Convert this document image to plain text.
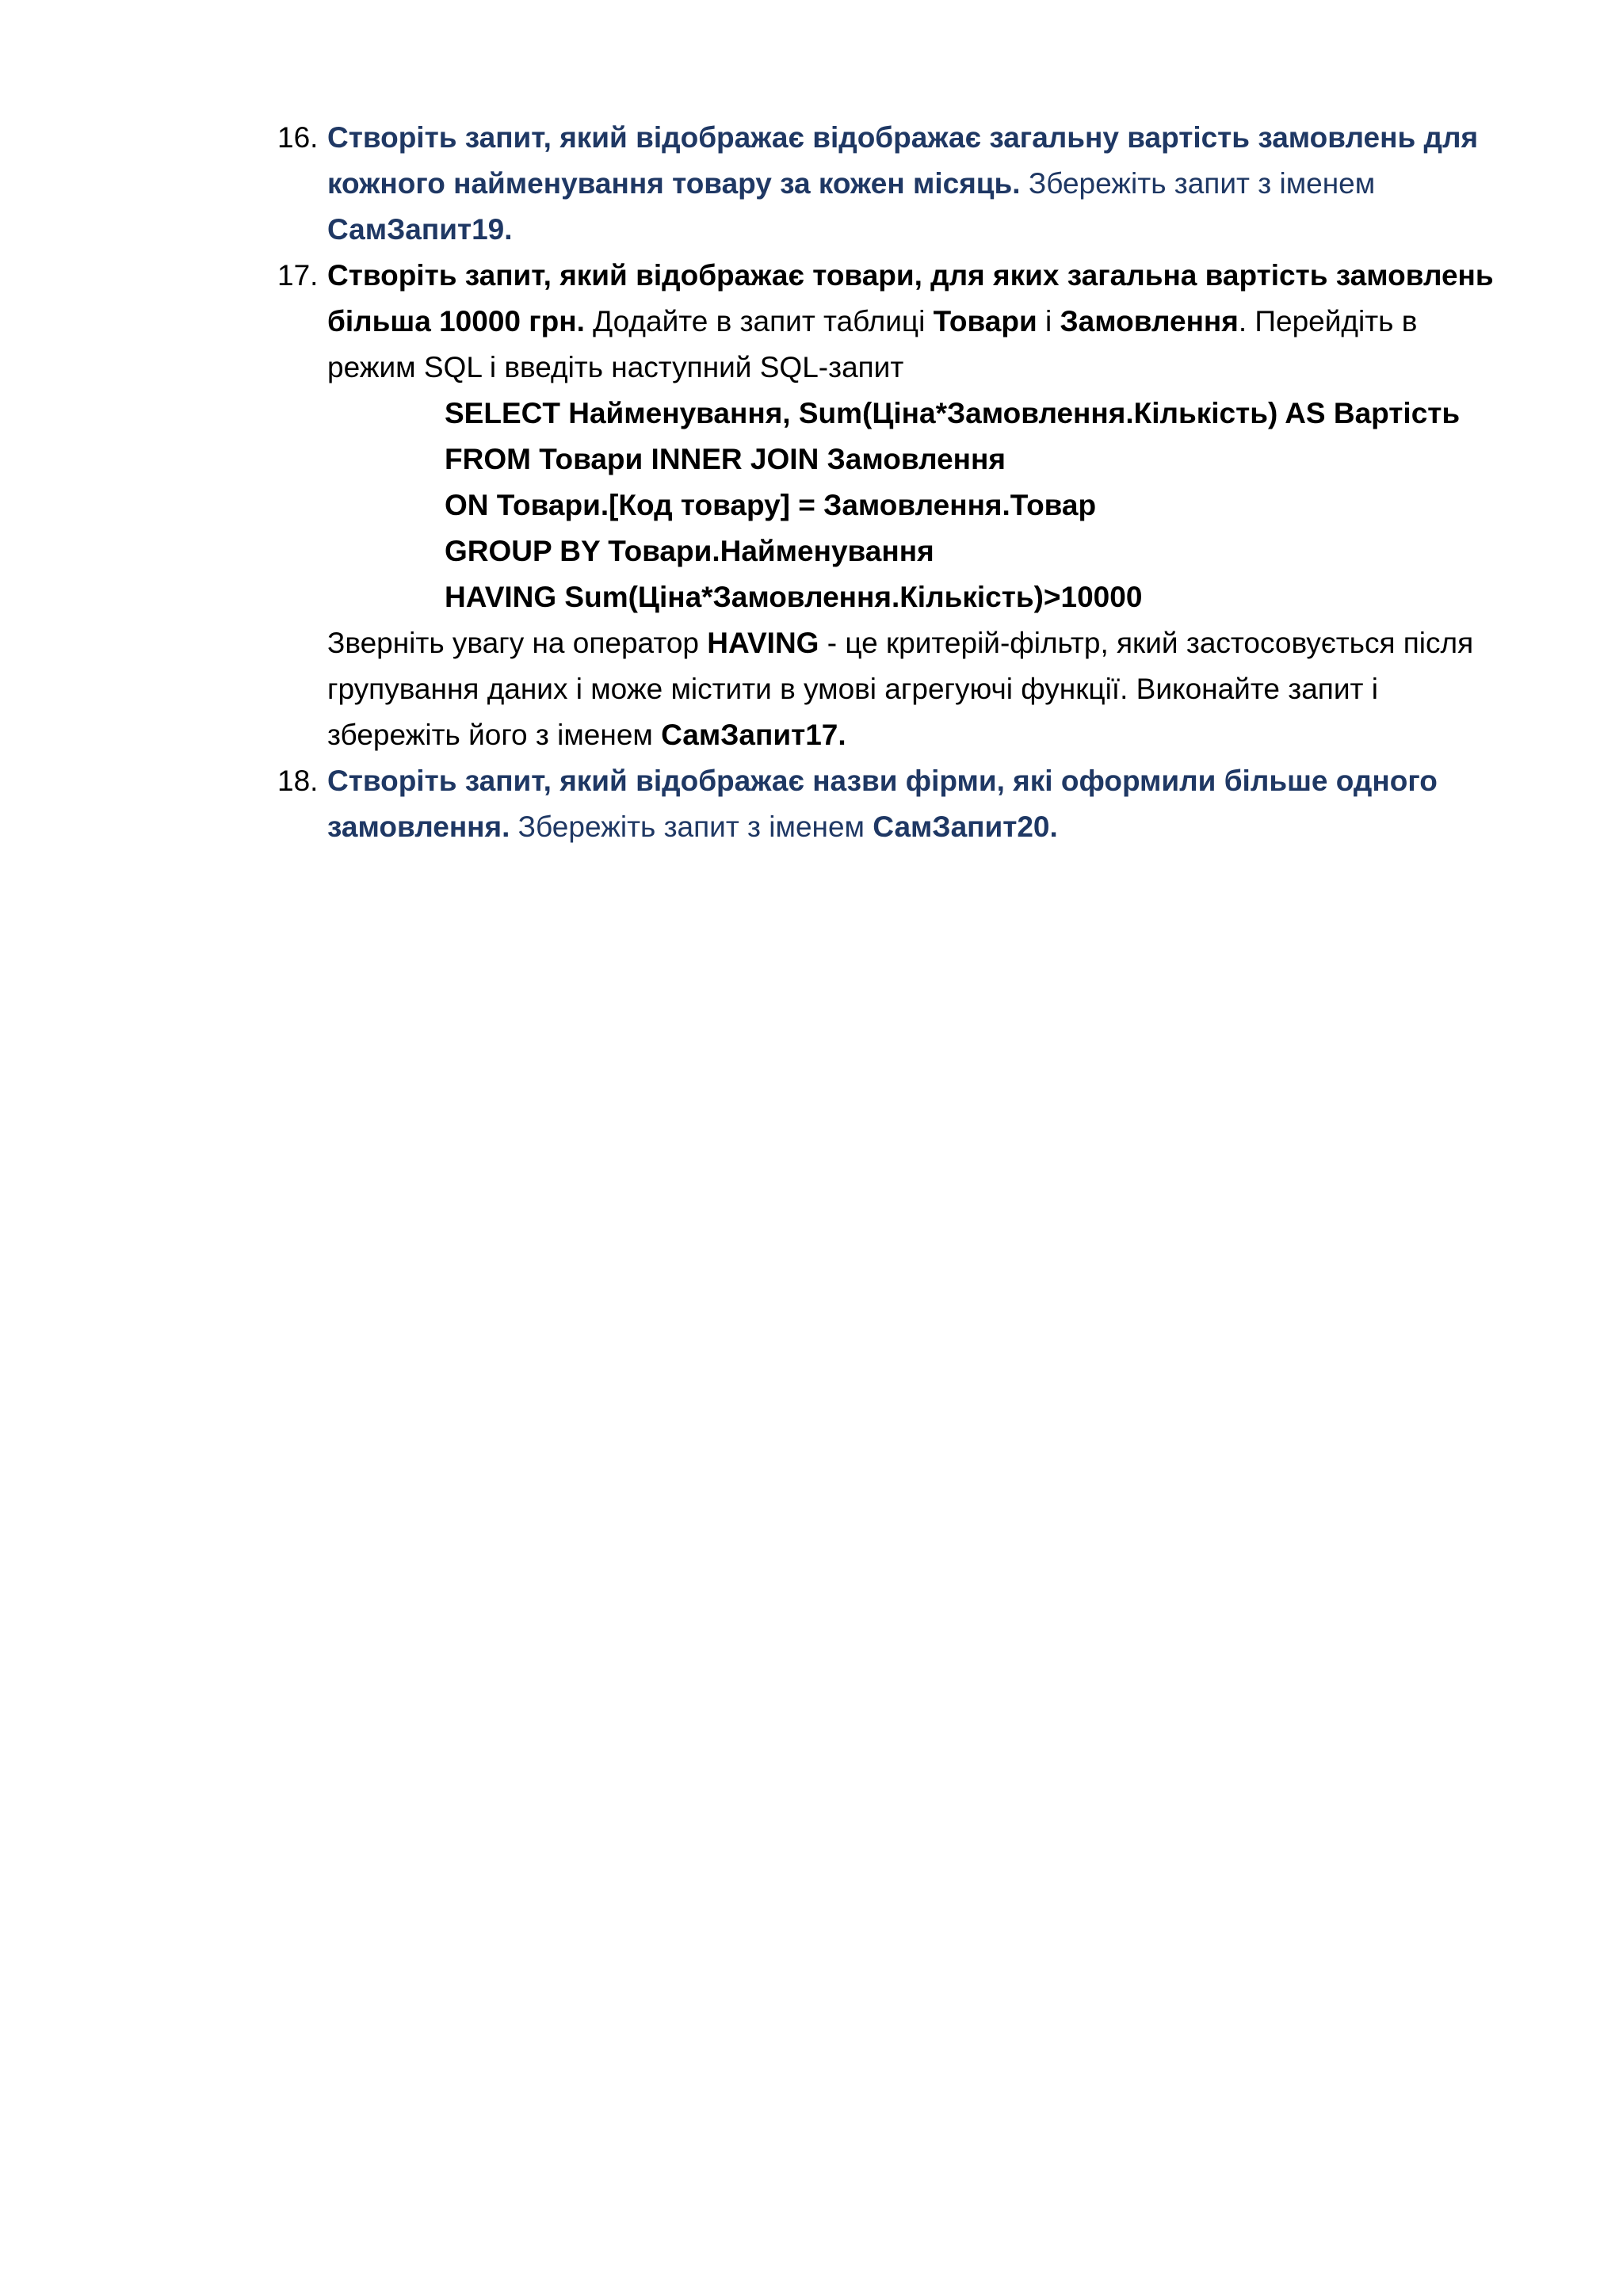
16. Створіть запит, який відображає відображає загальну вартість замовлень для
кожного найменування товару за кожен місяць. Збережіть запит з іменем
СамЗапит19.
17. Створіть запит, який відображає товари, для яких загальна вартість замовлень
більша 10000 грн. Додайте в запит таблиці Товари і Замовлення. Перейдіть в
режим SQL і введіть наступний SQL-запит
SELECT Найменування, Sum(Ціна*Замовлення.Кількість) AS Вартість
FROM Товари INNER JOIN Замовлення
ON Товари.[Код товару] = Замовлення.Товар
GROUP BY Товари.Найменування
HAVING Sum(Ціна*Замовлення.Кількість)>10000
Зверніть увагу на оператор HAVING - це критерій-фільтр, який застосовується після
групування даних і може містити в умові агрегуючі функції. Виконайте запит і
збережіть його з іменем СамЗапит17.
18. Створіть запит, який відображає назви фірми, які оформили більше одного
замовлення. Збережіть запит з іменем СамЗапит20.
